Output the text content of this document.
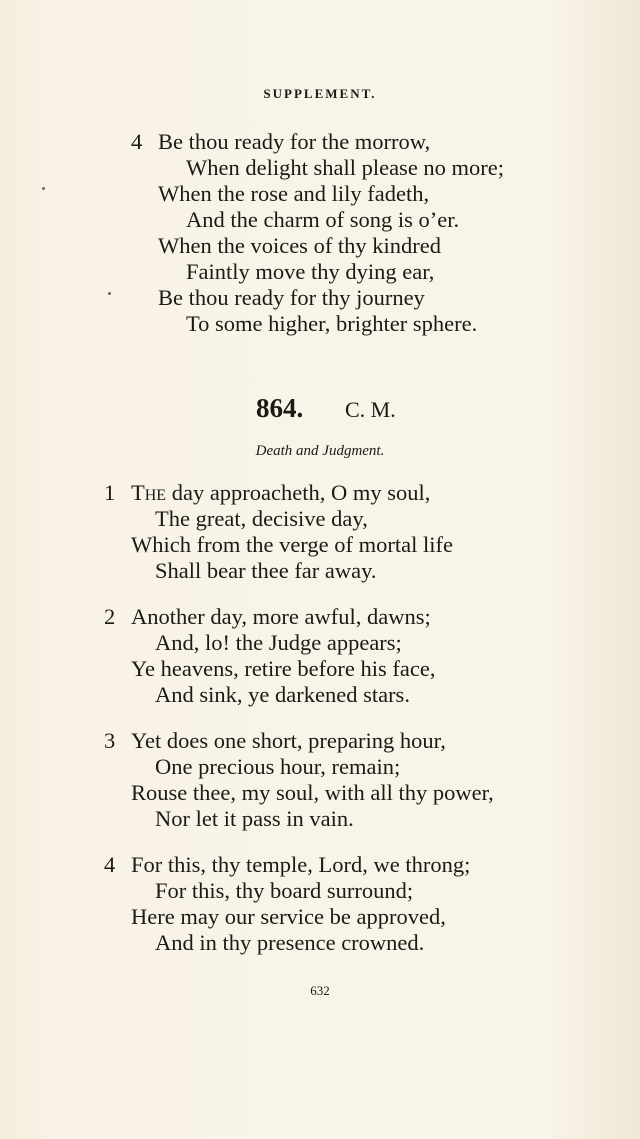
SUPPLEMENT.
4 Be thou ready for the morrow,
When delight shall please no more;
When the rose and lily fadeth,
And the charm of song is o’er.
When the voices of thy kindred
Faintly move thy dying ear,
Be thou ready for thy journey
To some higher, brighter sphere.
864. C. M.
Death and Judgment.
1 The day approacheth, O my soul,
The great, decisive day,
Which from the verge of mortal life
Shall bear thee far away.
2 Another day, more awful, dawns;
And, lo! the Judge appears;
Ye heavens, retire before his face,
And sink, ye darkened stars.
3 Yet does one short, preparing hour,
One precious hour, remain;
Rouse thee, my soul, with all thy power,
Nor let it pass in vain.
4 For this, thy temple, Lord, we throng;
For this, thy board surround;
Here may our service be approved,
And in thy presence crowned.
632
